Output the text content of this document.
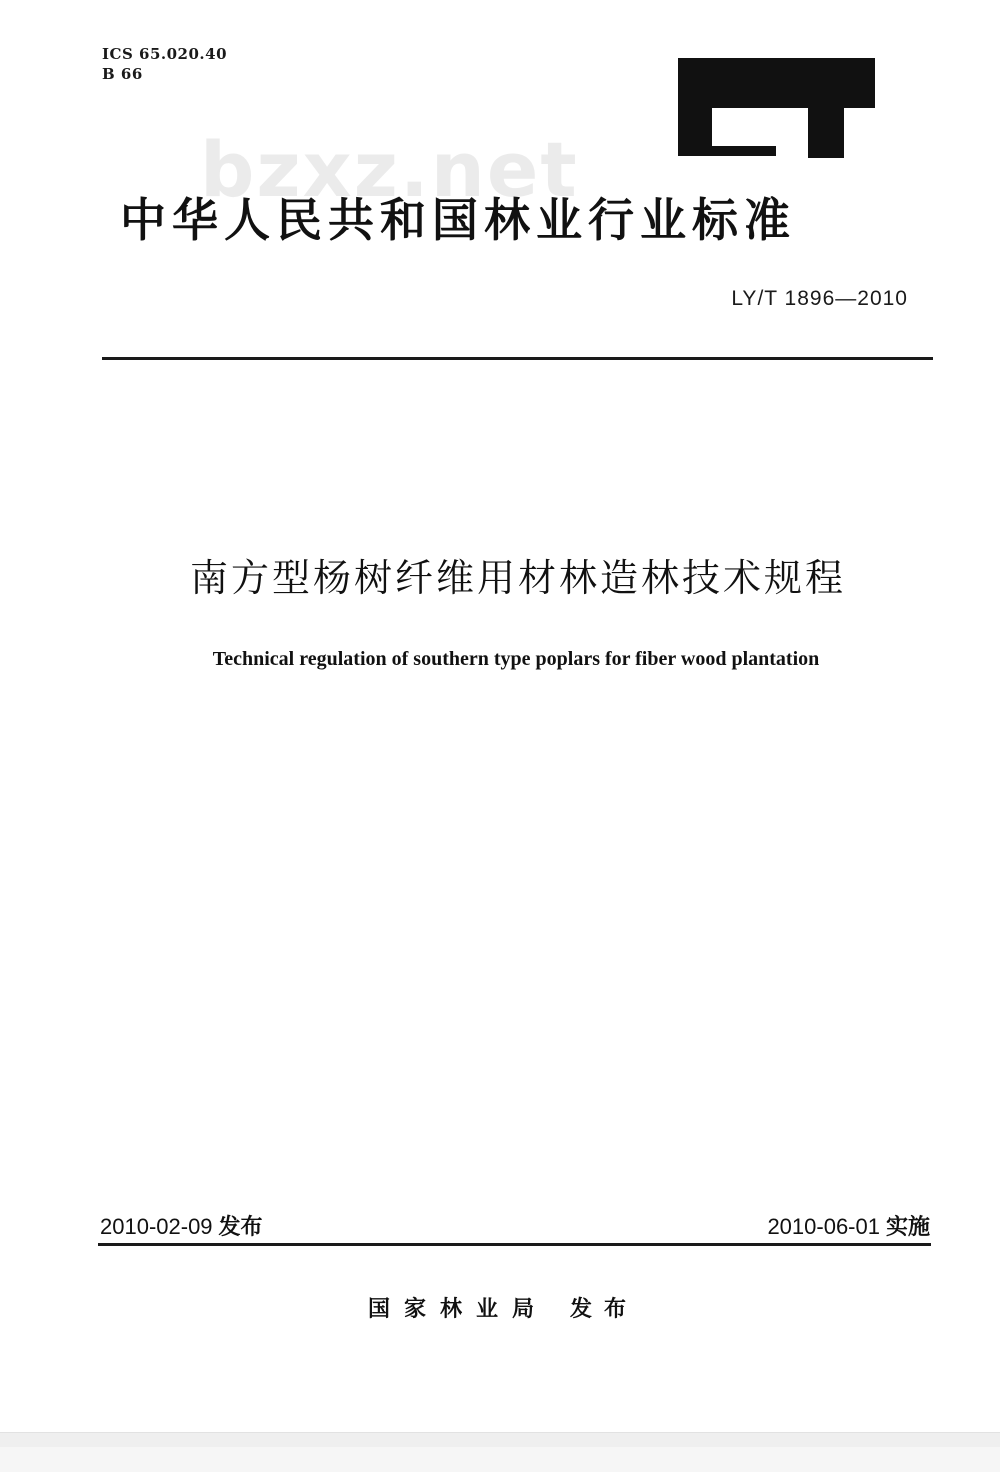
ICS 65.020.40
B 66
bzxz.net
中华人民共和国林业行业标准
LY/T 1896—2010
南方型杨树纤维用材林造林技术规程
Technical regulation of southern type poplars for fiber wood plantation
2010-02-09 发布	2010-06-01 实施
国家林业局 发布
